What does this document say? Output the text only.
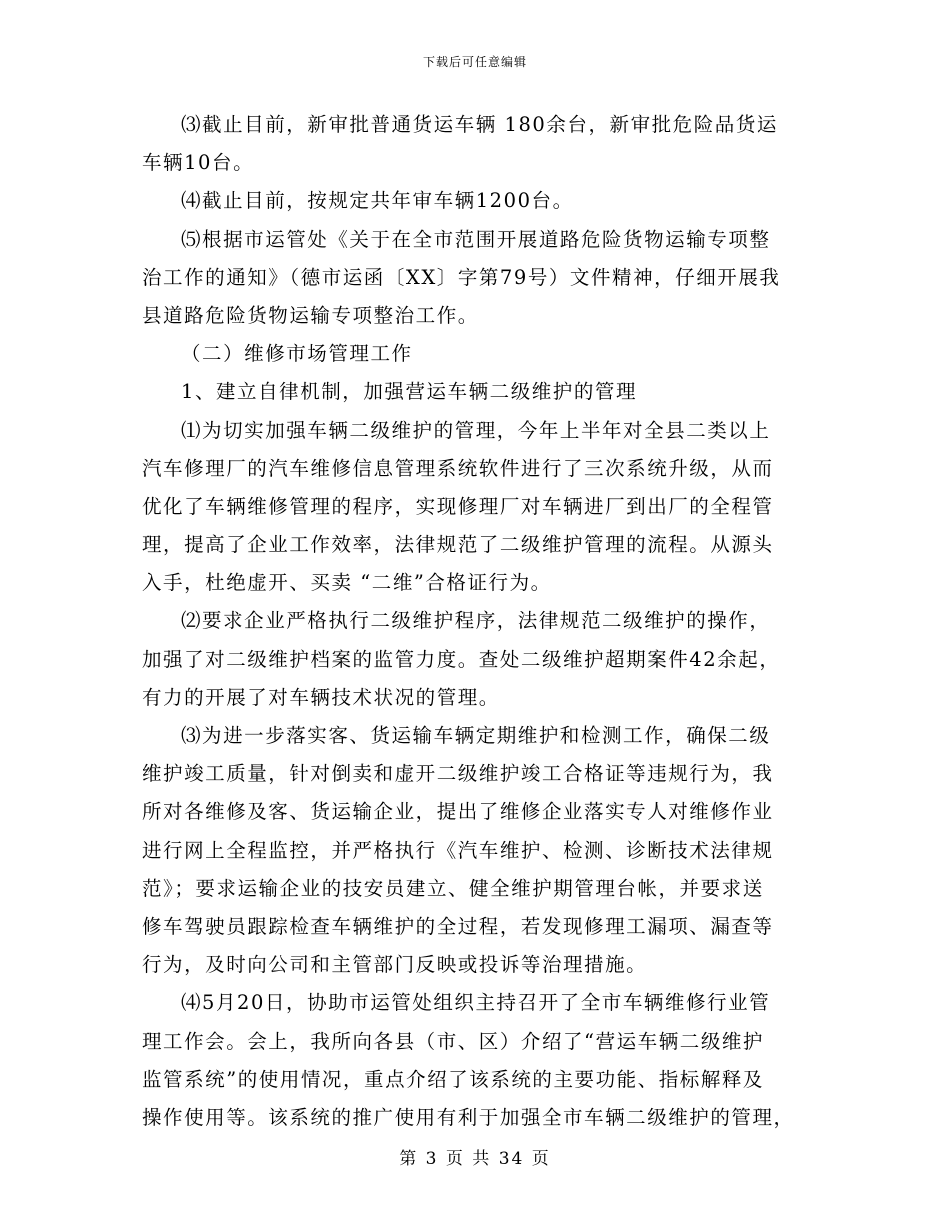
下载后可任意编辑
⑶截止目前，新审批普通货运车辆 180余台，新审批危险品货运
车辆10台。
⑷截止目前，按规定共年审车辆1200台。
⑸根据市运管处《关于在全市范围开展道路危险货物运输专项整
治工作的通知》（德市运函〔XX〕字第79号）文件精神，仔细开展我
县道路危险货物运输专项整治工作。
（二）维修市场管理工作
1、建立自律机制，加强营运车辆二级维护的管理
⑴为切实加强车辆二级维护的管理，今年上半年对全县二类以上
汽车修理厂的汽车维修信息管理系统软件进行了三次系统升级，从而
优化了车辆维修管理的程序，实现修理厂对车辆进厂到出厂的全程管
理，提高了企业工作效率，法律规范了二级维护管理的流程。从源头
入手，杜绝虚开、买卖 “二维”合格证行为。
⑵要求企业严格执行二级维护程序，法律规范二级维护的操作，
加强了对二级维护档案的监管力度。查处二级维护超期案件42余起，
有力的开展了对车辆技术状况的管理。
⑶为进一步落实客、货运输车辆定期维护和检测工作，确保二级
维护竣工质量，针对倒卖和虚开二级维护竣工合格证等违规行为，我
所对各维修及客、货运输企业，提出了维修企业落实专人对维修作业
进行网上全程监控，并严格执行《汽车维护、检测、诊断技术法律规
范》；要求运输企业的技安员建立、健全维护期管理台帐，并要求送
修车驾驶员跟踪检查车辆维护的全过程，若发现修理工漏项、漏查等
行为，及时向公司和主管部门反映或投诉等治理措施。
⑷5月20日，协助市运管处组织主持召开了全市车辆维修行业管
理工作会。会上，我所向各县（市、区）介绍了“营运车辆二级维护
监管系统”的使用情况，重点介绍了该系统的主要功能、指标解释及
操作使用等。该系统的推广使用有利于加强全市车辆二级维护的管理，
第 3 页 共 34 页
